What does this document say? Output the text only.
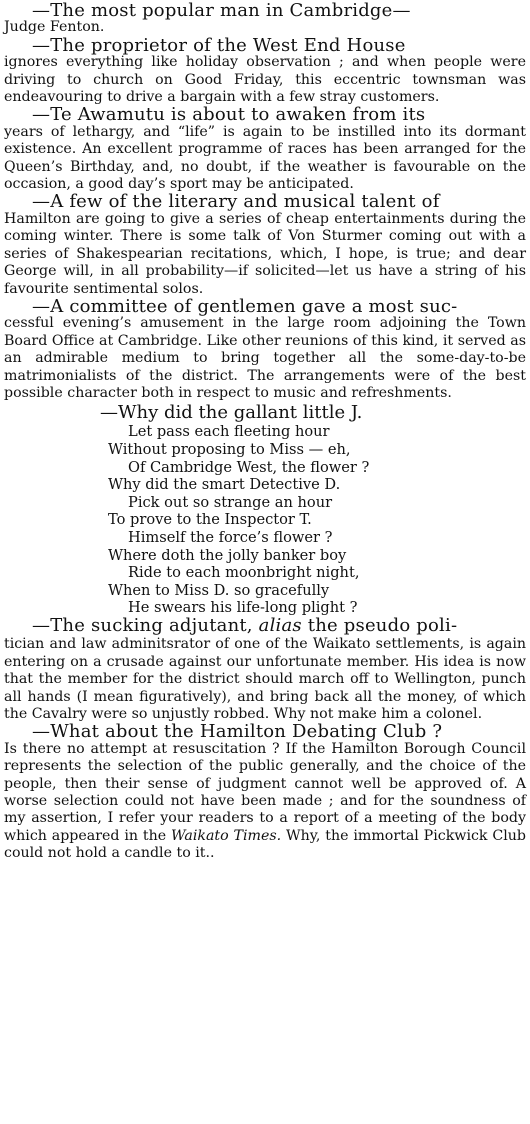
—The most popular man in Cambridge—
Judge Fenton.

—The proprietor of the West End House
ignores everything like holiday observation ; and when people were driving to church on Good Friday, this eccentric townsman was endeavouring to drive a bargain with a few stray customers.

—Te Awamutu is about to awaken from its
years of lethargy, and “life” is again to be instilled into its dormant existence. An excellent programme of races has been arranged for the Queen’s Birthday, and, no doubt, if the weather is favourable on the occasion, a good day’s sport may be anticipated.

—A few of the literary and musical talent of
Hamilton are going to give a series of cheap entertainments during the coming winter. There is some talk of Von Sturmer coming out with a series of Shakespearian recitations, which, I hope, is true; and dear George will, in all probability—if solicited—let us have a string of his favourite sentimental solos.

—A committee of gentlemen gave a most suc-
cessful evening’s amusement in the large room adjoining the Town Board Office at Cambridge. Like other reunions of this kind, it served as an admirable medium to bring together all the some-day-to-be matrimonialists of the district. The arrangements were of the best possible character both in respect to music and refreshments.

—Why did the gallant little J.
Let pass each fleeting hour
Without proposing to Miss — eh,
Of Cambridge West, the flower ?
Why did the smart Detective D.
Pick out so strange an hour
To prove to the Inspector T.
Himself the force’s flower ?
Where doth the jolly banker boy
Ride to each moonbright night,
When to Miss D. so gracefully
He swears his life-long plight ?

—The sucking adjutant, alias the pseudo poli-
tician and law adminitsrator of one of the Waikato settlements, is again entering on a crusade against our unfortunate member. His idea is now that the member for the district should march off to Wellington, punch all hands (I mean figuratively), and bring back all the money, of which the Cavalry were so unjustly robbed. Why not make him a colonel.

—What about the Hamilton Debating Club ?
Is there no attempt at resuscitation ? If the Hamilton Borough Council represents the selection of the public generally, and the choice of the people, then their sense of judgment cannot well be approved of. A worse selection could not have been made ; and for the soundness of my assertion, I refer your readers to a report of a meeting of the body which appeared in the Waikato Times. Why, the immortal Pickwick Club could not hold a candle to it..
